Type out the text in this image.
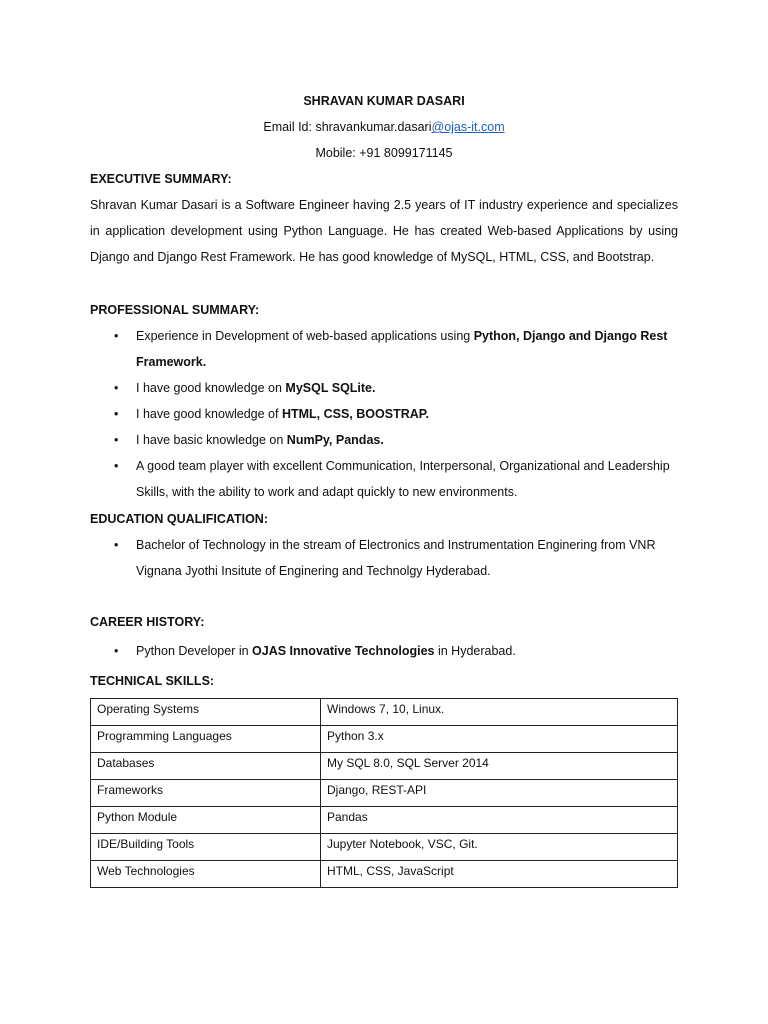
SHRAVAN KUMAR DASARI
Email Id: shravankumar.dasari@ojas-it.com
Mobile: +91 8099171145
EXECUTIVE SUMMARY:
Shravan Kumar Dasari is a Software Engineer having 2.5 years of IT industry experience and specializes in application development using Python Language. He has created Web-based Applications by using Django and Django Rest Framework. He has good knowledge of MySQL, HTML, CSS, and Bootstrap.
PROFESSIONAL SUMMARY:
• Experience in Development of web-based applications using Python, Django and Django Rest Framework.
• I have good knowledge on MySQL SQLite.
• I have good knowledge of HTML, CSS, BOOSTRAP.
• I have basic knowledge on NumPy, Pandas.
• A good team player with excellent Communication, Interpersonal, Organizational and Leadership Skills, with the ability to work and adapt quickly to new environments.
EDUCATION QUALIFICATION:
• Bachelor of Technology in the stream of Electronics and Instrumentation Enginering from VNR Vignana Jyothi Insitute of Enginering and Technolgy Hyderabad.
CAREER HISTORY:
• Python Developer in OJAS Innovative Technologies in Hyderabad.
TECHNICAL SKILLS:
Operating Systems	Windows 7, 10, Linux.
Programming Languages	Python 3.x
Databases	My SQL 8.0, SQL Server 2014
Frameworks	Django, REST-API
Python Module	Pandas
IDE/Building Tools	Jupyter Notebook, VSC, Git.
Web Technologies	HTML, CSS, JavaScript
